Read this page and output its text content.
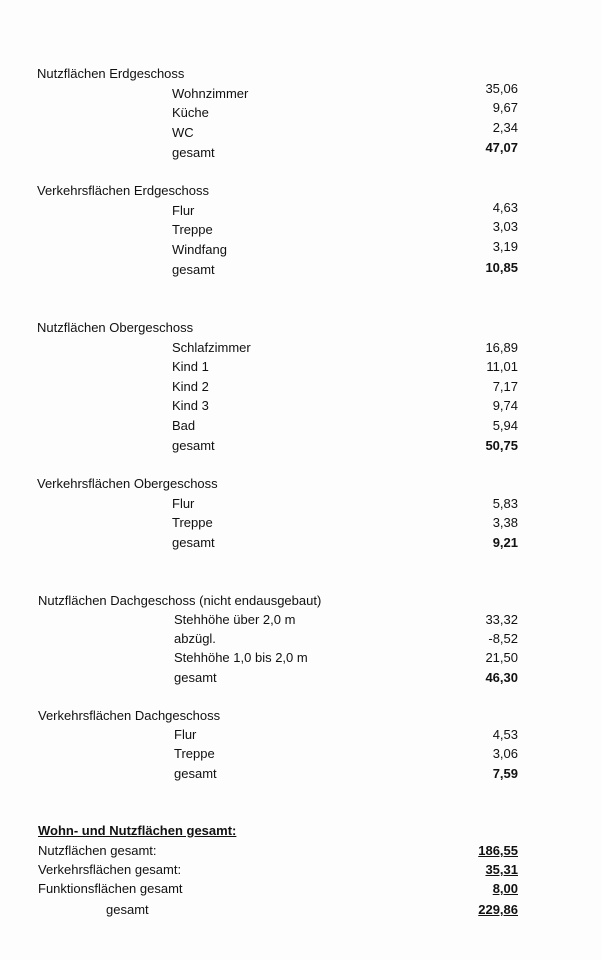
Nutzflächen Erdgeschoss
Wohnzimmer	35,06
Küche	9,67
WC	2,34
gesamt	47,07
Verkehrsflächen Erdgeschoss
Flur	4,63
Treppe	3,03
Windfang	3,19
gesamt	10,85
Nutzflächen Obergeschoss
Schlafzimmer	16,89
Kind 1	11,01
Kind 2	7,17
Kind 3	9,74
Bad	5,94
gesamt	50,75
Verkehrsflächen Obergeschoss
Flur	5,83
Treppe	3,38
gesamt	9,21
Nutzflächen Dachgeschoss (nicht endausgebaut)
Stehhöhe über 2,0 m	33,32
abzügl.	-8,52
Stehhöhe 1,0 bis 2,0 m	21,50
gesamt	46,30
Verkehrsflächen Dachgeschoss
Flur	4,53
Treppe	3,06
gesamt	7,59
Wohn- und Nutzflächen gesamt:
Nutzflächen gesamt:	186,55
Verkehrsflächen gesamt:	35,31
Funktionsflächen gesamt	8,00
gesamt	229,86
